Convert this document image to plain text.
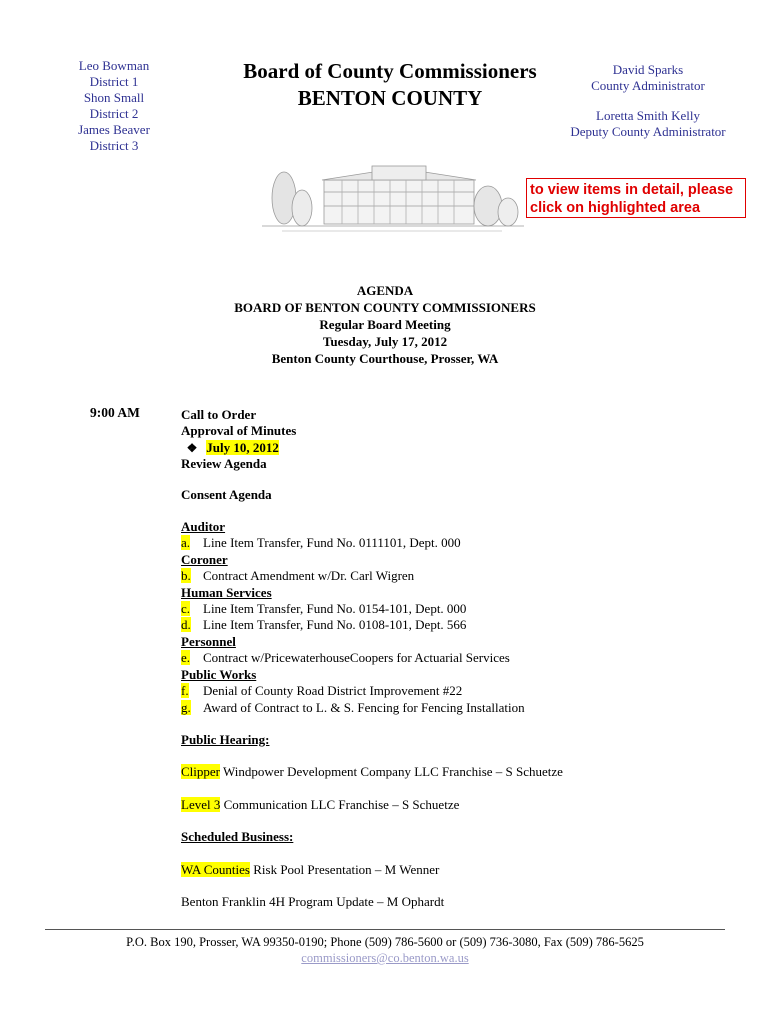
Leo Bowman
District 1
Shon Small
District 2
James Beaver
District 3
Board of County Commissioners
BENTON COUNTY
David Sparks
County Administrator
Loretta Smith Kelly
Deputy County Administrator
to view items in detail, please click on highlighted area
AGENDA
BOARD OF BENTON COUNTY COMMISSIONERS
Regular Board Meeting
Tuesday, July 17, 2012
Benton County Courthouse, Prosser, WA
9:00 AM	Call to Order
Approval of Minutes
❖ July 10, 2012
Review Agenda
Consent Agenda
Auditor
a. Line Item Transfer, Fund No. 0111101, Dept. 000
Coroner
b. Contract Amendment w/Dr. Carl Wigren
Human Services
c. Line Item Transfer, Fund No. 0154-101, Dept. 000
d. Line Item Transfer, Fund No. 0108-101, Dept. 566
Personnel
e. Contract w/PricewaterhouseCoopers for Actuarial Services
Public Works
f. Denial of County Road District Improvement #22
g. Award of Contract to L. & S. Fencing for Fencing Installation
Public Hearing:
Clipper Windpower Development Company LLC Franchise – S Schuetze
Level 3 Communication LLC Franchise – S Schuetze
Scheduled Business:
WA Counties Risk Pool Presentation – M Wenner
Benton Franklin 4H Program Update – M Ophardt
P.O. Box 190, Prosser, WA 99350-0190; Phone (509) 786-5600 or (509) 736-3080, Fax (509) 786-5625
commissioners@co.benton.wa.us
